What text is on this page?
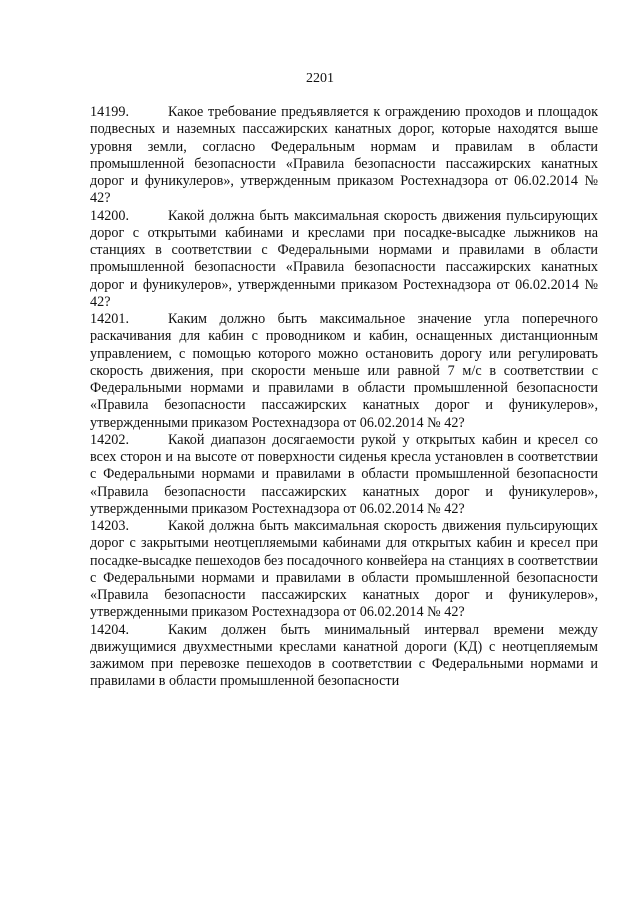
2201

14199.	Какое требование предъявляется к ограждению проходов и площадок подвесных и наземных пассажирских канатных дорог, которые находятся выше уровня земли, согласно Федеральным нормам и правилам в области промышленной безопасности «Правила безопасности пассажирских канатных дорог и фуникулеров», утвержденным приказом Ростехнадзора от 06.02.2014 № 42?

14200.	Какой должна быть максимальная скорость движения пульсирующих дорог с открытыми кабинами и креслами при посадке-высадке лыжников на станциях в соответствии с Федеральными нормами и правилами в области промышленной безопасности «Правила безопасности пассажирских канатных дорог и фуникулеров», утвержденными приказом Ростехнадзора от 06.02.2014 № 42?

14201.	Каким должно быть максимальное значение угла поперечного раскачивания для кабин с проводником и кабин, оснащенных дистанционным управлением, с помощью которого можно остановить дорогу или регулировать скорость движения, при скорости меньше или равной 7 м/с в соответствии с Федеральными нормами и правилами в области промышленной безопасности «Правила безопасности пассажирских канатных дорог и фуникулеров», утвержденными приказом Ростехнадзора от 06.02.2014 № 42?

14202.	Какой диапазон досягаемости рукой у открытых кабин и кресел со всех сторон и на высоте от поверхности сиденья кресла установлен в соответствии с Федеральными нормами и правилами в области промышленной безопасности «Правила безопасности пассажирских канатных дорог и фуникулеров», утвержденными приказом Ростехнадзора от 06.02.2014 № 42?

14203.	Какой должна быть максимальная скорость движения пульсирующих дорог с закрытыми неотцепляемыми кабинами для открытых кабин и кресел при посадке-высадке пешеходов без посадочного конвейера на станциях в соответствии с Федеральными нормами и правилами в области промышленной безопасности «Правила безопасности пассажирских канатных дорог и фуникулеров», утвержденными приказом Ростехнадзора от 06.02.2014 № 42?

14204.	Каким должен быть минимальный интервал времени между движущимися двухместными креслами канатной дороги (КД) с неотцепляемым зажимом при перевозке пешеходов в соответствии с Федеральными нормами и правилами в области промышленной безопасности
